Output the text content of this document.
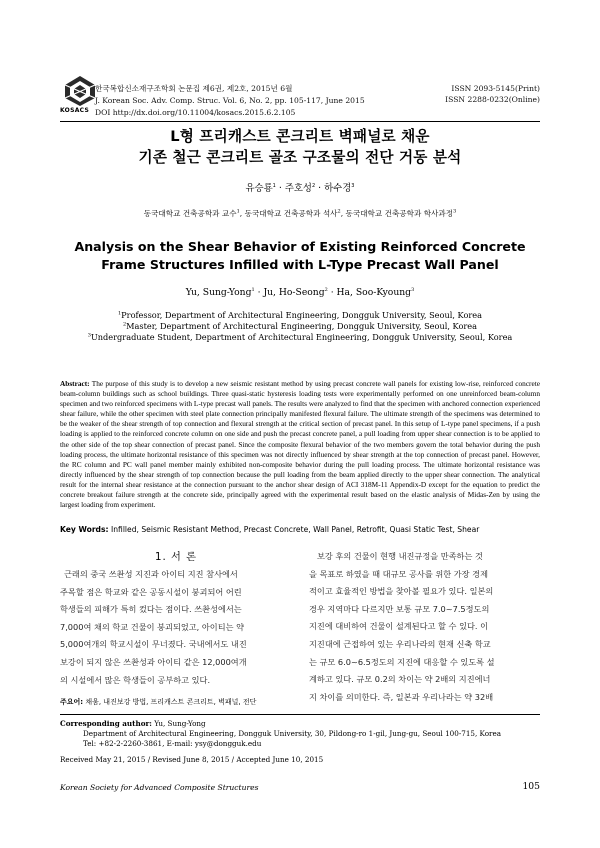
KOSACS
한국복합신소재구조학회 논문집 제6권, 제2호, 2015년 6월
J. Korean Soc. Adv. Comp. Struc. Vol. 6, No. 2, pp. 105-117, June 2015
DOI http://dx.doi.org/10.11004/kosacs.2015.6.2.105
ISSN 2093-5145(Print)
ISSN 2288-0232(Online)
L형 프리캐스트 콘크리트 벽패널로 채운
기존 철근 콘크리트 골조 구조물의 전단 거동 분석
유승룡$^1$ · 주호성$^2$ · 하수경$^3$
동국대학교 건축공학과 교수$^1$, 동국대학교 건축공학과 석사$^2$, 동국대학교 건축공학과 학사과정$^3$
Analysis on the Shear Behavior of Existing Reinforced Concrete
Frame Structures Infilled with L-Type Precast Wall Panel
Yu, Sung-Yong$^1$ · Ju, Ho-Seong$^2$ · Ha, Soo-Kyoung$^3$
$^1$Professor, Department of Architectural Engineering, Dongguk University, Seoul, Korea
$^2$Master, Department of Architectural Engineering, Dongguk University, Seoul, Korea
$^3$Undergraduate Student, Department of Architectural Engineering, Dongguk University, Seoul, Korea
Abstract: The purpose of this study is to develop a new seismic resistant method by using precast concrete wall panels for existing low-rise, reinforced concrete beam-column buildings such as school buildings. Three quasi-static hysteresis loading tests were experimentally performed on one unreinforced beam-column specimen and two reinforced specimens with L-type precast wall panels. The results were analyzed to find that the specimen with anchored connection experienced shear failure, while the other specimen with steel plate connection principally manifested flexural failure. The ultimate strength of the specimens was determined to be the weaker of the shear strength of top connection and flexural strength at the critical section of precast panel. In this setup of L-type panel specimens, if a push loading is applied to the reinforced concrete column on one side and push the precast concrete panel, a pull loading from upper shear connection is to be applied to the other side of the top shear connection of precast panel. Since the composite flexural behavior of the two members govern the total behavior during the push loading process, the ultimate horizontal resistance of this specimen was not directly influenced by shear strength at the top connection of precast panel. However, the RC column and PC wall panel member mainly exhibited non-composite behavior during the pull loading process. The ultimate horizontal resistance was directly influenced by the shear strength of top connection because the pull loading from the beam applied directly to the upper shear connection. The analytical result for the internal shear resistance at the connection pursuant to the anchor shear design of ACI 318M-11 Appendix-D except for the equation to predict the concrete breakout failure strength at the concrete side, principally agreed with the experimental result based on the elastic analysis of Midas-Zen by using the largest loading from experiment.
Key Words: Infilled, Seismic Resistant Method, Precast Concrete, Wall Panel, Retrofit, Quasi Static Test, Shear
1. 서 론
근래의 중국 쓰촨성 지진과 아이티 지진 참사에서
주목할 점은 학교와 같은 공동시설이 붕괴되어 어린
학생들의 피해가 특히 컸다는 점이다. 쓰촨성에서는
7,000여 채의 학교 건물이 붕괴되었고, 아이티는 약
5,000여개의 학교시설이 무너졌다. 국내에서도 내진
보강이 되지 않은 쓰촨성과 아이티 같은 12,000여개
의 시설에서 많은 학생들이 공부하고 있다.
보강 후의 건물이 현행 내진규정을 만족하는 것
을 목표로 하였을 때 대규모 공사를 위한 가장 경제
적이고 효율적인 방법을 찾아볼 필요가 있다. 일본의
경우 지역마다 다르지만 보통 규모 7.0~7.5정도의
지진에 대비하여 건물이 설계된다고 할 수 있다. 이
지진대에 근접하여 있는 우리나라의 현재 신축 학교
는 규모 6.0~6.5정도의 지진에 대응할 수 있도록 설
계하고 있다. 규모 0.2의 차이는 약 2배의 지진에너
지 차이를 의미한다. 즉, 일본과 우리나라는 약 32배
주요어: 채움, 내진보강 방법, 프리캐스트 콘크리트, 벽패널, 전단
Corresponding author: Yu, Sung-Yong
Department of Architectural Engineering, Dongguk University, 30, Pildong-ro 1-gil, Jung-gu, Seoul 100-715, Korea
Tel: +82-2-2260-3861, E-mail: ysy@dongguk.edu
Received May 21, 2015 / Revised June 8, 2015 / Accepted June 10, 2015
Korean Society for Advanced Composite Structures	105
